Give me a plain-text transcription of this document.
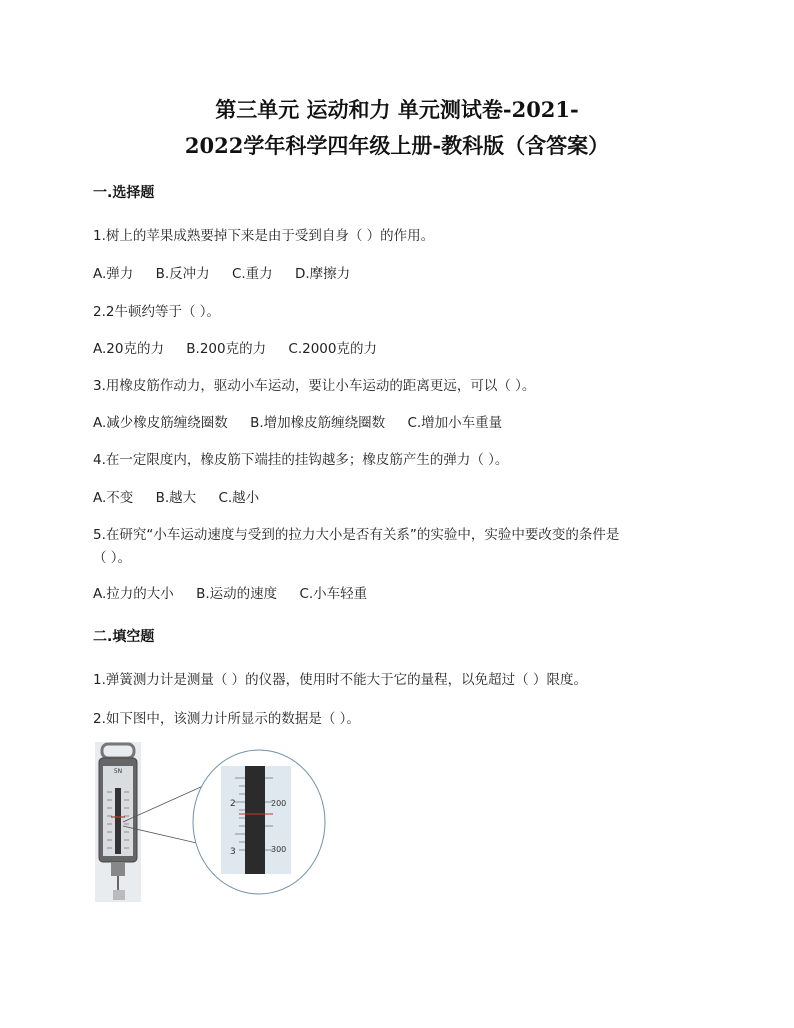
第三单元 运动和力 单元测试卷-2021-
2022学年科学四年级上册-教科版（含答案）
一.选择题
1.树上的苹果成熟要掉下来是由于受到自身（ ）的作用。
A.弹力 B.反冲力 C.重力 D.摩擦力
2.2牛顿约等于（ ）。
A.20克的力 B.200克的力 C.2000克的力
3.用橡皮筋作动力，驱动小车运动，要让小车运动的距离更远，可以（ ）。
A.减少橡皮筋缠绕圈数 B.增加橡皮筋缠绕圈数 C.增加小车重量
4.在一定限度内，橡皮筋下端挂的挂钩越多；橡皮筋产生的弹力（ ）。
A.不变 B.越大 C.越小
5.在研究“小车运动速度与受到的拉力大小是否有关系”的实验中，实验中要改变的条件是
（ ）。
A.拉力的大小 B.运动的速度 C.小车轻重
二.填空题
1.弹簧测力计是测量（ ）的仪器，使用时不能大于它的量程，以免超过（ ）限度。
2.如下图中，该测力计所显示的数据是（ ）。
5N
2
3
200
300
